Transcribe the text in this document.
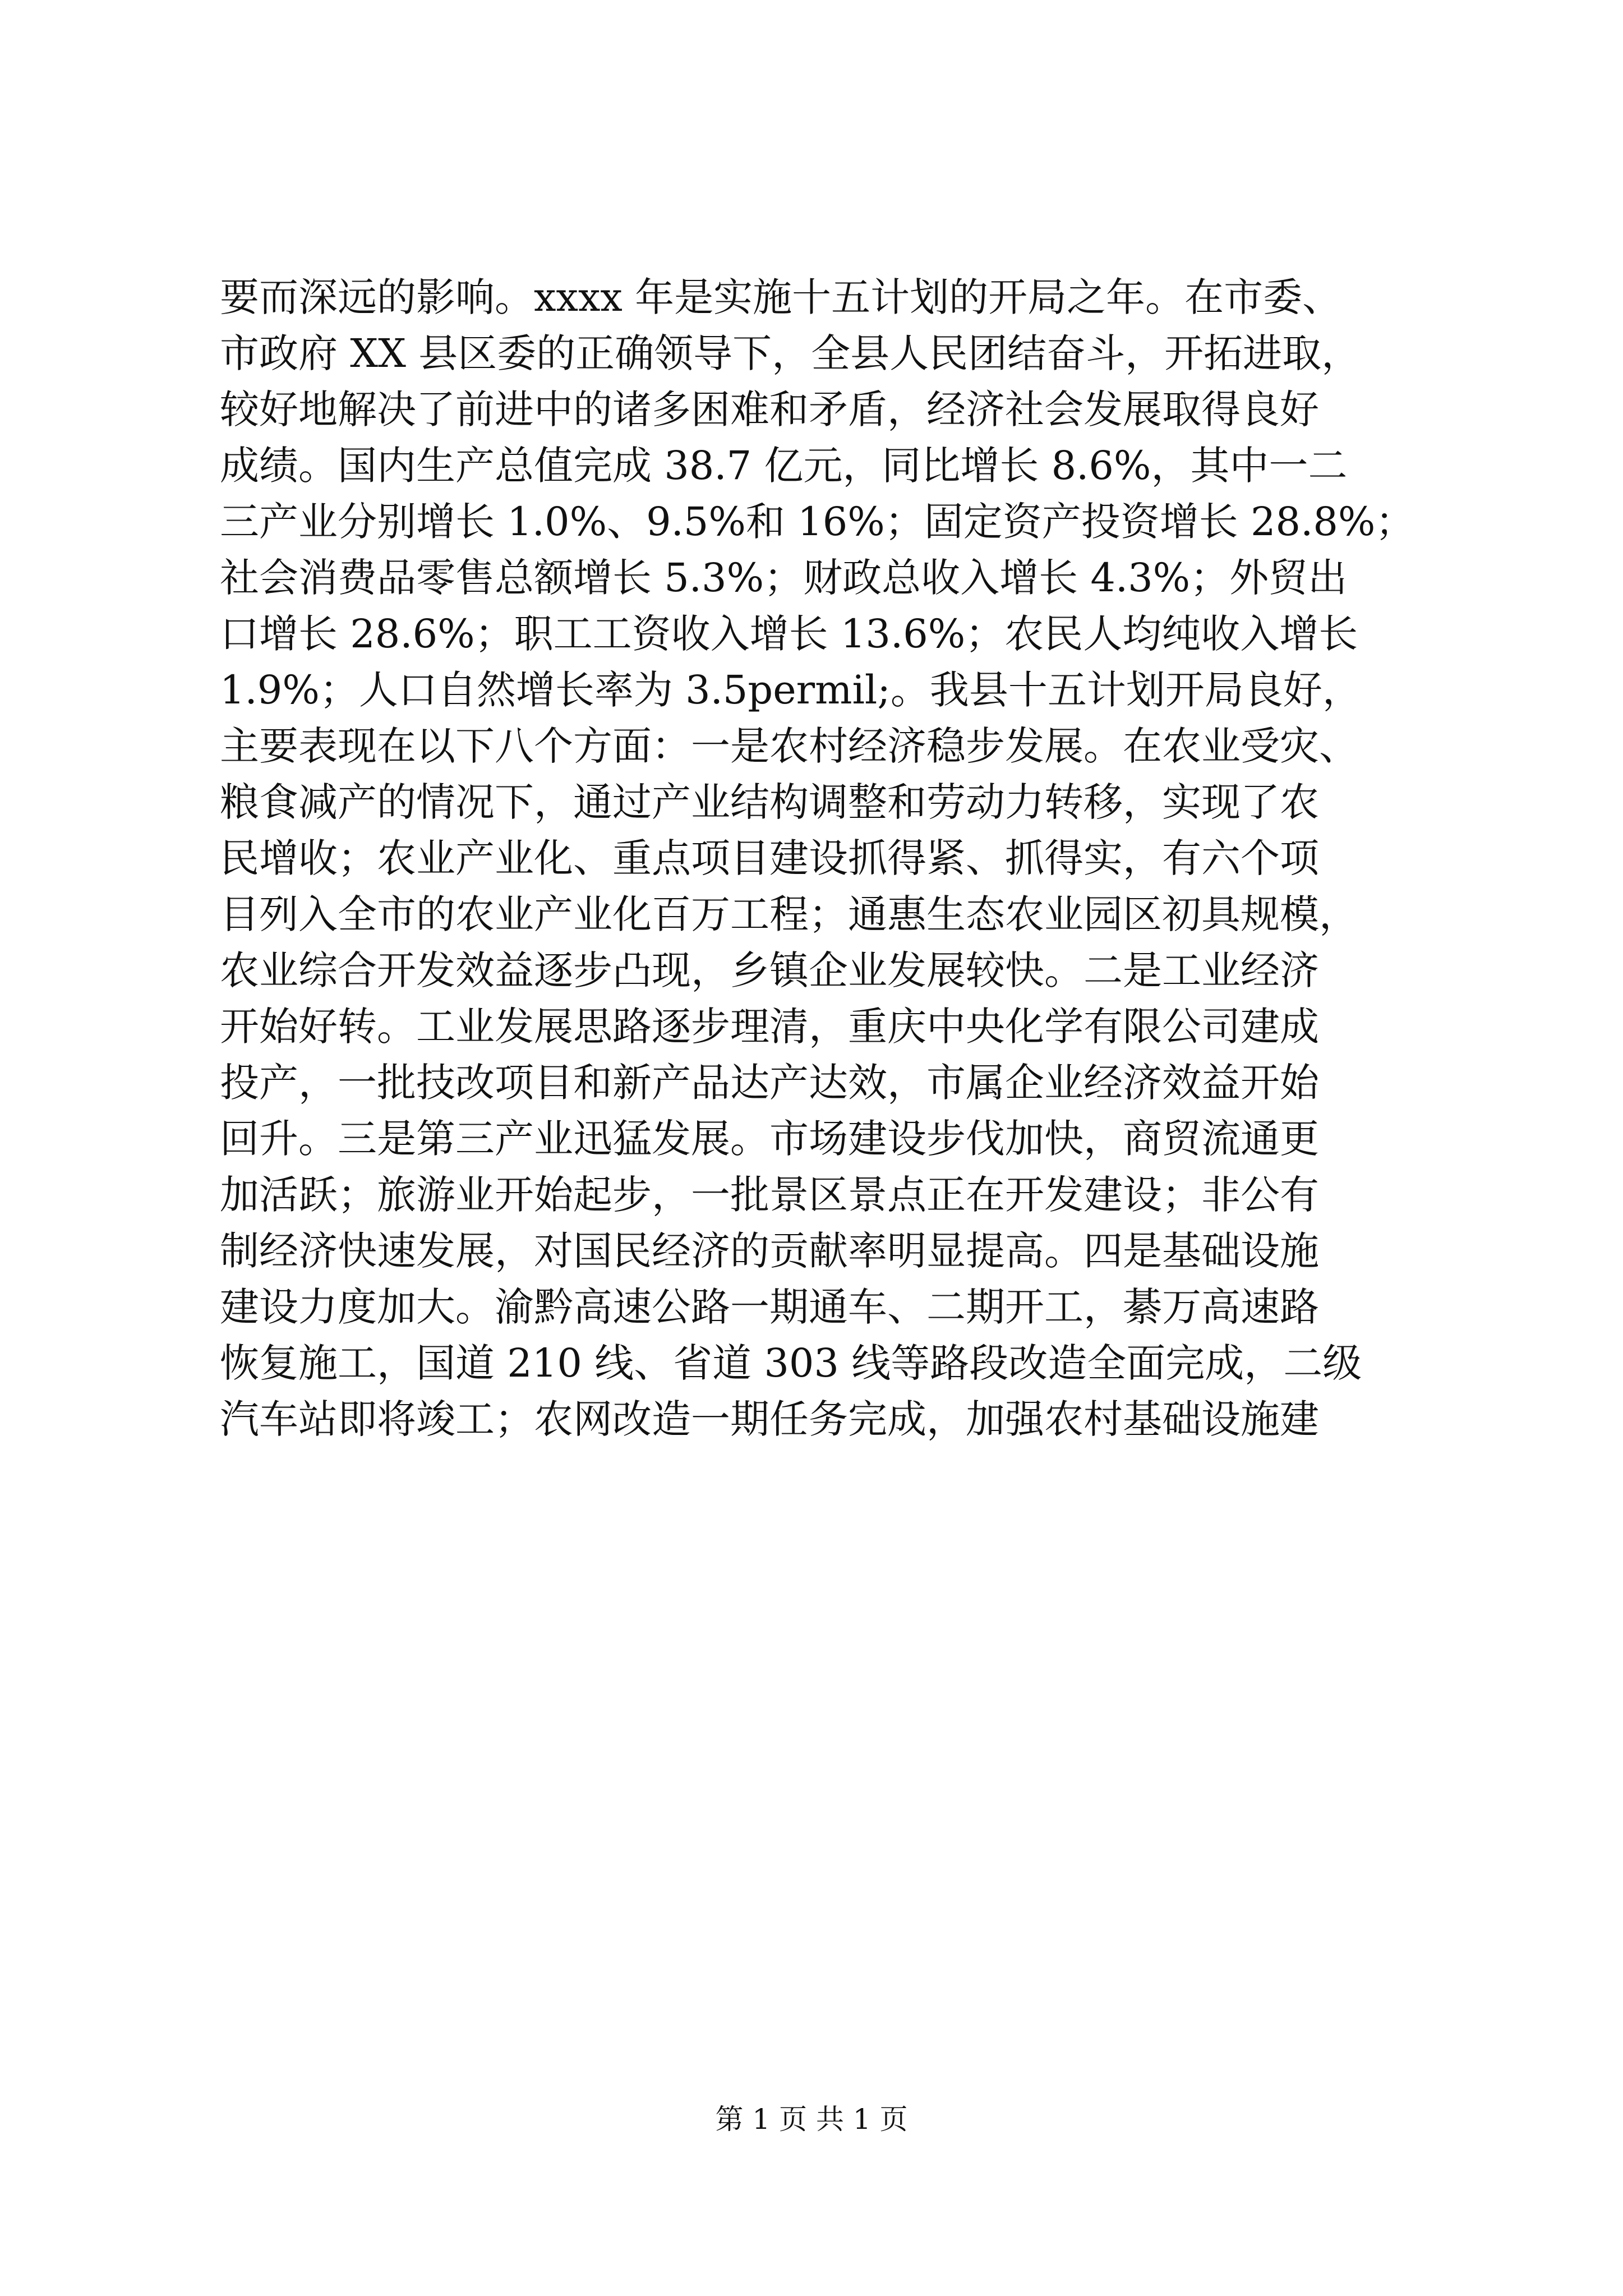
要而深远的影响。xxxx 年是实施十五计划的开局之年。在市委、
市政府 XX 县区委的正确领导下，全县人民团结奋斗，开拓进取，
较好地解决了前进中的诸多困难和矛盾，经济社会发展取得良好
成绩。国内生产总值完成 38.7 亿元，同比增长 8.6%，其中一二
三产业分别增长 1.0%、9.5%和 16%；固定资产投资增长 28.8%；
社会消费品零售总额增长 5.3%；财政总收入增长 4.3%；外贸出
口增长 28.6%；职工工资收入增长 13.6%；农民人均纯收入增长
1.9%；人口自然增长率为 3.5permil;。我县十五计划开局良好，
主要表现在以下八个方面：一是农村经济稳步发展。在农业受灾、
粮食减产的情况下，通过产业结构调整和劳动力转移，实现了农
民增收；农业产业化、重点项目建设抓得紧、抓得实，有六个项
目列入全市的农业产业化百万工程；通惠生态农业园区初具规模，
农业综合开发效益逐步凸现，乡镇企业发展较快。二是工业经济
开始好转。工业发展思路逐步理清，重庆中央化学有限公司建成
投产，一批技改项目和新产品达产达效，市属企业经济效益开始
回升。三是第三产业迅猛发展。市场建设步伐加快，商贸流通更
加活跃；旅游业开始起步，一批景区景点正在开发建设；非公有
制经济快速发展，对国民经济的贡献率明显提高。四是基础设施
建设力度加大。渝黔高速公路一期通车、二期开工，綦万高速路
恢复施工，国道 210 线、省道 303 线等路段改造全面完成，二级
汽车站即将竣工；农网改造一期任务完成，加强农村基础设施建
第 1 页 共 1 页
